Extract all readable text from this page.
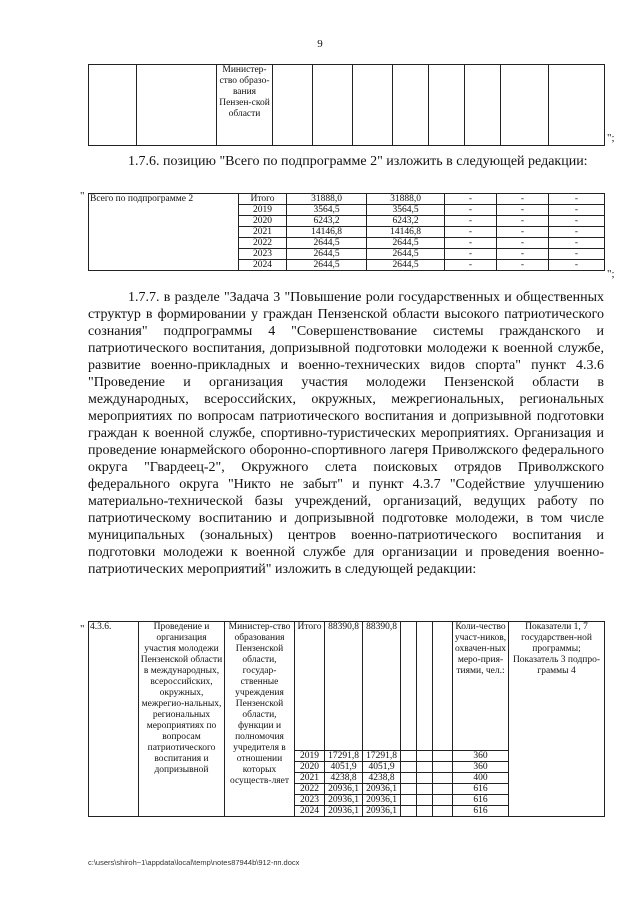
9
		Министер-ство образо-вания Пензен-ской области								
";

1.7.6. позицию "Всего по подпрограмме 2" изложить в следующей редакции:

" Всего по подпрограмме 2	Итого	31888,0	31888,0	-	-	-
	2019	3564,5	3564,5	-	-	-
	2020	6243,2	6243,2	-	-	-
	2021	14146,8	14146,8	-	-	-
	2022	2644,5	2644,5	-	-	-
	2023	2644,5	2644,5	-	-	-
	2024	2644,5	2644,5	-	-	-
";

1.7.7. в разделе "Задача 3 "Повышение роли государственных и общественных структур в формировании у граждан Пензенской области высокого патриотического сознания" подпрограммы 4 "Совершенствование системы гражданского и патриотического воспитания, допризывной подготовки молодежи к военной службе, развитие военно-прикладных и военно-технических видов спорта" пункт 4.3.6 "Проведение и организация участия молодежи Пензенской области в международных, всероссийских, окружных, межрегиональных, региональных мероприятиях по вопросам патриотического воспитания и допризывной подготовки граждан к военной службе, спортивно-туристических мероприятиях. Организация и проведение юнармейского оборонно-спортивного лагеря Приволжского федерального округа "Гвардеец-2", Окружного слета поисковых отрядов Приволжского федерального округа "Никто не забыт" и пункт 4.3.7 "Содействие улучшению материально-технической базы учреждений, организаций, ведущих работу по патриотическому воспитанию и допризывной подготовке молодежи, в том числе муниципальных (зональных) центров военно-патриотического воспитания и подготовки молодежи к военной службе для организации и проведения военно-патриотических мероприятий" изложить в следующей редакции:

" 4.3.6.	Проведение и организация участия молодежи Пензенской области в международных, всероссийских, окружных, межрегио-нальных, региональных мероприятиях по вопросам патриотического воспитания и допризывной	Министер-ство образования Пензенской области, государ-ственные учреждения Пензенской области, функции и полномочия учредителя в отношении которых осуществ-ляет	Итого	88390,8	88390,8				Коли-чество участ-ников, охвачен-ных меро-прия-тиями, чел.:	Показатели 1, 7 государствен-ной программы; Показатель 3 подпро-граммы 4
			2019	17291,8	17291,8				360	
			2020	4051,9	4051,9				360	
			2021	4238,8	4238,8				400	
			2022	20936,1	20936,1				616	
			2023	20936,1	20936,1				616	
			2024	20936,1	20936,1				616	
c:\users\shiroh~1\appdata\local\temp\notes87944b\912-пп.docx
